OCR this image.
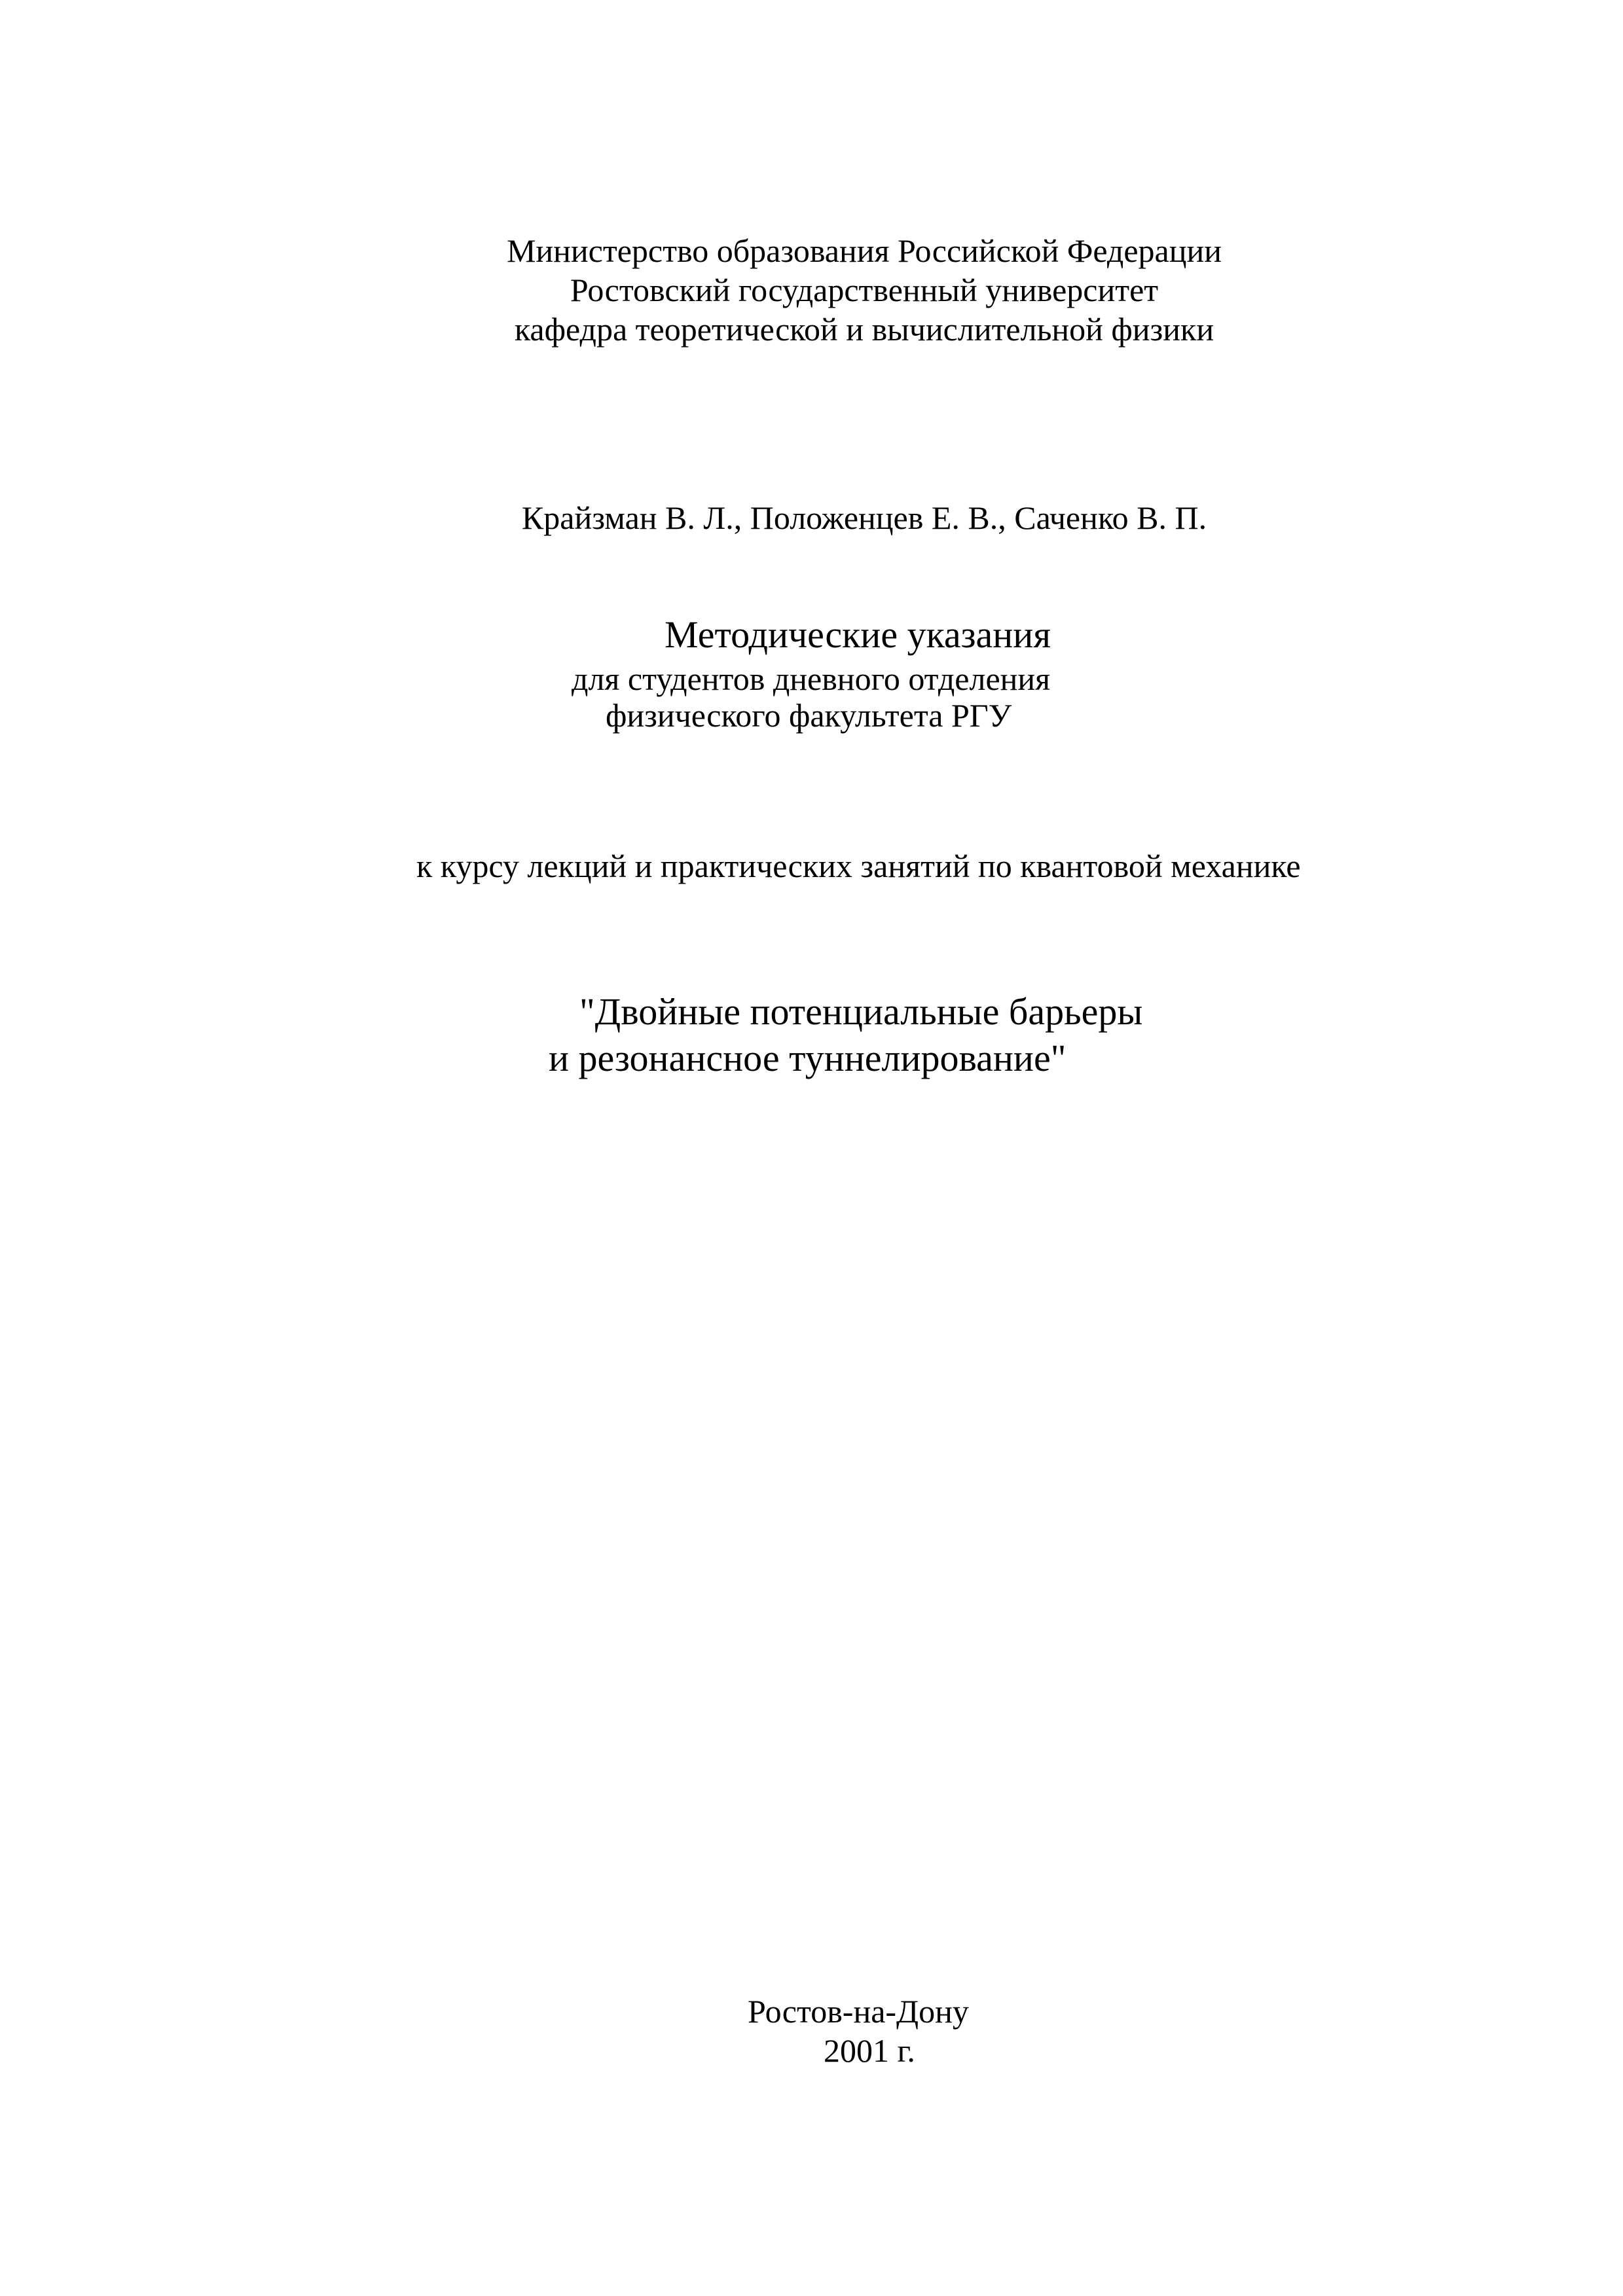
Министерство образования Российской Федерации
Ростовский государственный университет
кафедра теоретической и вычислительной физики
Крайзман В. Л., Положенцев Е. В., Саченко В. П.
Методические указания
для студентов дневного отделения
физического факультета РГУ
к курсу лекций и практических занятий по квантовой механике
"Двойные потенциальные барьеры
и резонансное туннелирование"
Ростов-на-Дону
2001 г.
